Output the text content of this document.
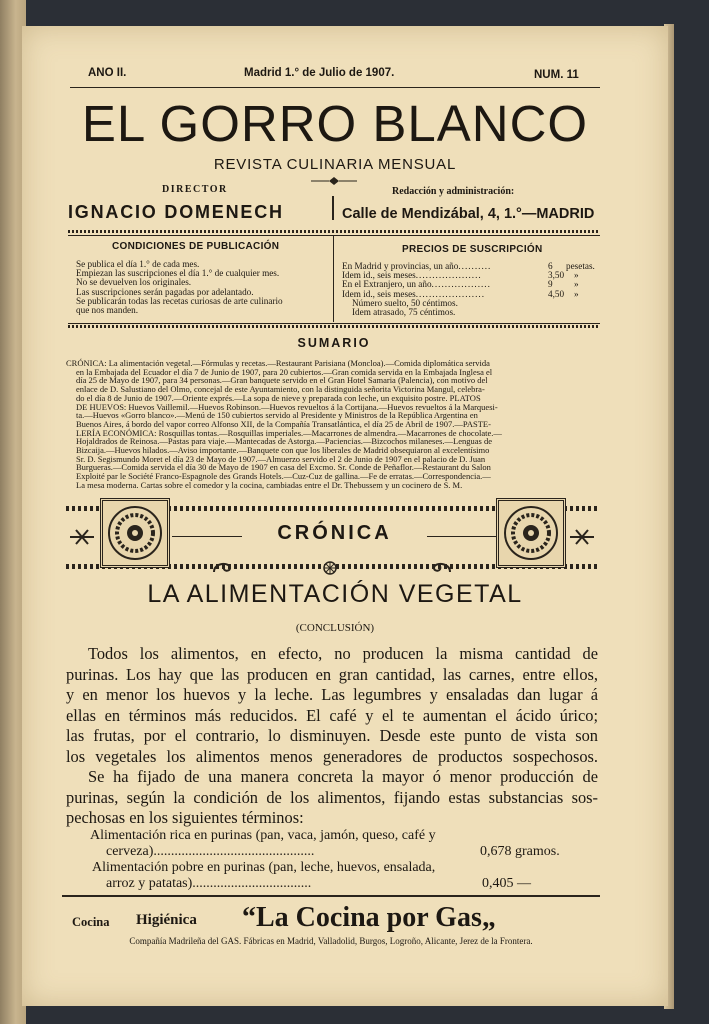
ANO II.	Madrid 1.° de Julio de 1907.	NUM. 11
EL GORRO BLANCO
REVISTA CULINARIA MENSUAL
DIRECTOR
IGNACIO DOMENECH
Redacción y administración:
Calle de Mendizábal, 4, 1.°—MADRID
CONDICIONES DE PUBLICACIÓN
Se publica el día 1.° de cada mes.
Empiezan las suscripciones el día 1.° de cualquier mes.
No se devuelven los originales.
Las suscripciones serán pagadas por adelantado.
Se publicarán todas las recetas curiosas de arte culinario
que nos manden.
PRECIOS DE SUSCRIPCIÓN
En Madrid y provincias, un año..........	6 pesetas.
Idem id., seis meses....................	3,50 »
En el Extranjero, un año..................	9 »
Idem id., seis meses.....................	4,50 »
Número suelto, 50 céntimos.
Idem atrasado, 75 céntimos.
SUMARIO
CRÓNICA: La alimentación vegetal.—Fórmulas y recetas.—Restaurant Parisiana (Moncloa).—Comida diplomática servida
en la Embajada del Ecuador el día 7 de Junio de 1907, para 20 cubiertos.—Gran comida servida en la Embajada Inglesa el
día 25 de Mayo de 1907, para 34 personas.—Gran banquete servido en el Gran Hotel Samaria (Palencia), con motivo del
enlace de D. Salustiano del Olmo, concejal de este Ayuntamiento, con la distinguida señorita Victorina Mangul, celebra-
do el día 8 de Junio de 1907.—Oriente exprés.—La sopa de nieve y preparada con leche, un exquisito postre. PLATOS
DE HUEVOS: Huevos Vaillemil.—Huevos Robinson.—Huevos revueltos á la Cortijana.—Huevos revueltos á la Marquesi-
ta.—Huevos «Gorro blanco».—Menú de 150 cubiertos servido al Presidente y Ministros de la República Argentina en
Buenos Aires, á bordo del vapor correo Alfonso XII, de la Compañía Transatlántica, el día 25 de Abril de 1907.—PASTE-
LERÍA ECONÓMICA: Rosquillas tontas.—Rosquillas imperiales.—Macarrones de almendra.—Macarrones de chocolate.—
Hojaldrados de Reinosa.—Pastas para viaje.—Mantecadas de Astorga.—Paciencias.—Bizcochos milaneses.—Lenguas de
Bizcaija.—Huevos hilados.—Aviso importante.—Banquete con que los liberales de Madrid obsequiaron al excelentísimo
Sr. D. Segismundo Moret el día 23 de Mayo de 1907.—Almuerzo servido el 2 de Junio de 1907 en el palacio de D. Juan
Burgueras.—Comida servida el día 30 de Mayo de 1907 en casa del Excmo. Sr. Conde de Peñaflor.—Restaurant du Salon
Exploité par le Société Franco-Espagnole des Grands Hotels.—Cuz-Cuz de gallina.—Fe de erratas.—Correspondencia.—
La mesa moderna. Cartas sobre el comedor y la cocina, cambiadas entre el Dr. Thebussem y un cocinero de S. M.
CRÓNICA
LA ALIMENTACIÓN VEGETAL
(CONCLUSIÓN)
Todos los alimentos, en efecto, no producen la misma cantidad de
purinas. Los hay que las producen en gran cantidad, las carnes, entre ellos,
y en menor los huevos y la leche. Las legumbres y ensaladas dan lugar á
ellas en términos más reducidos. El café y el te aumentan el ácido úrico;
las frutas, por el contrario, lo disminuyen. Desde este punto de vista son
los vegetales los alimentos menos generadores de productos sospechosos.
Se ha fijado de una manera concreta la mayor ó menor producción de
purinas, según la condición de los alimentos, fijando estas substancias sos-
pechosas en los siguientes términos:
Alimentación rica en purinas (pan, vaca, jamón, queso, café y
cerveza)..............................................	0,678 gramos.
Alimentación pobre en purinas (pan, leche, huevos, ensalada,
arroz y patatas)..................................	0,405 —
Cocina Higiénica “La Cocina por Gas„
Compañía Madrileña del GAS. Fábricas en Madrid, Valladolid, Burgos, Logroño, Alicante, Jerez de la Frontera.
